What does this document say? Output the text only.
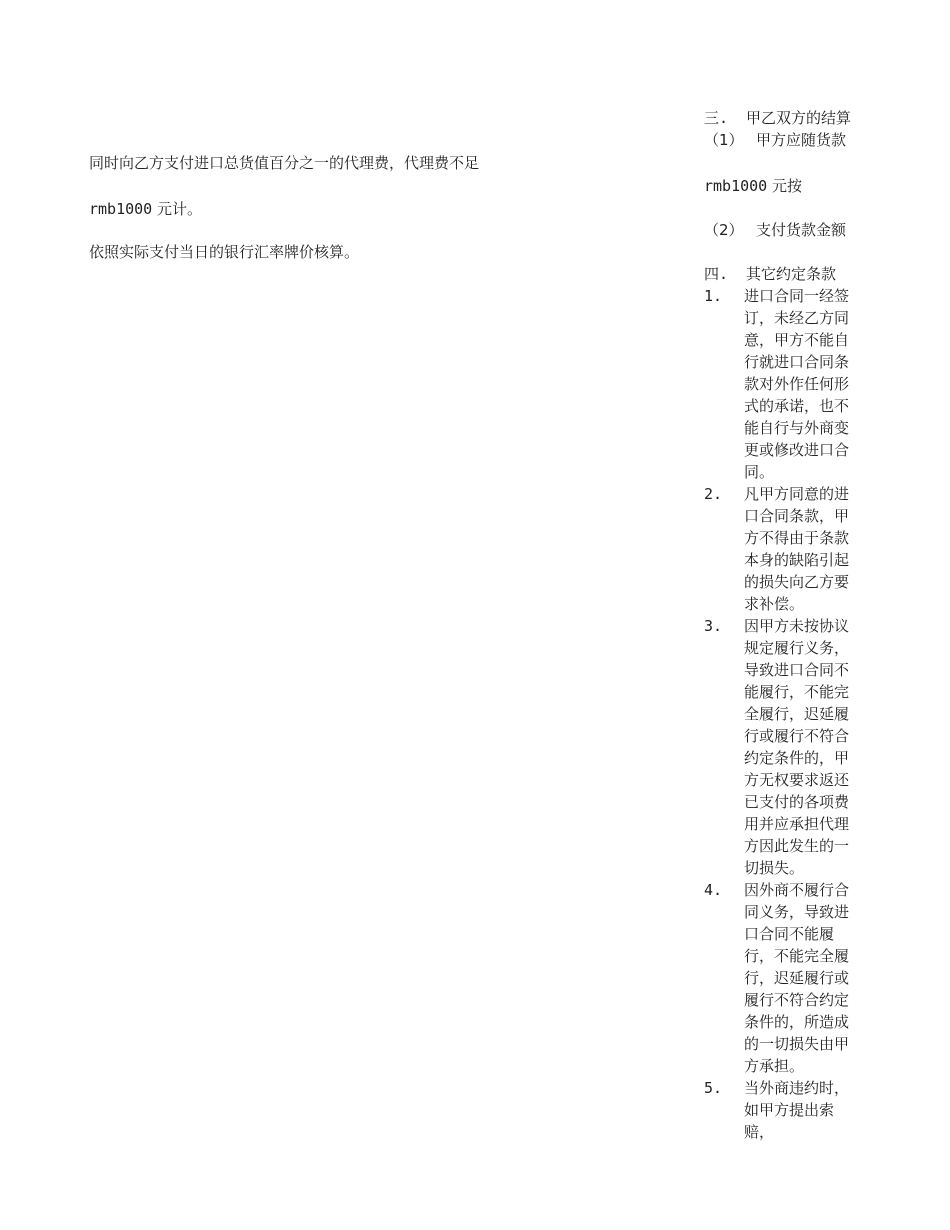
同时向乙方支付进口总货值百分之一的代理费，代理费不足
rmb1000 元计。
依照实际支付当日的银行汇率牌价核算。
三. 甲乙双方的结算
（1） 甲方应随货款
rmb1000 元按
（2） 支付货款金额
四. 其它约定条款
1.	进口合同一经签订，未经乙方同意，甲方不能自行就进口合同条款对外作任何形式的承诺，也不能自行与外商变更或修改进口合同。
2.	凡甲方同意的进口合同条款，甲方不得由于条款本身的缺陷引起的损失向乙方要求补偿。
3.	因甲方未按协议规定履行义务，导致进口合同不能履行，不能完全履行，迟延履行或履行不符合约定条件的，甲方无权要求返还已支付的各项费用并应承担代理方因此发生的一切损失。
4.	因外商不履行合同义务，导致进口合同不能履行，不能完全履行，迟延履行或履行不符合约定条件的，所造成的一切损失由甲方承担。
5.	当外商违约时，如甲方提出索赔，
